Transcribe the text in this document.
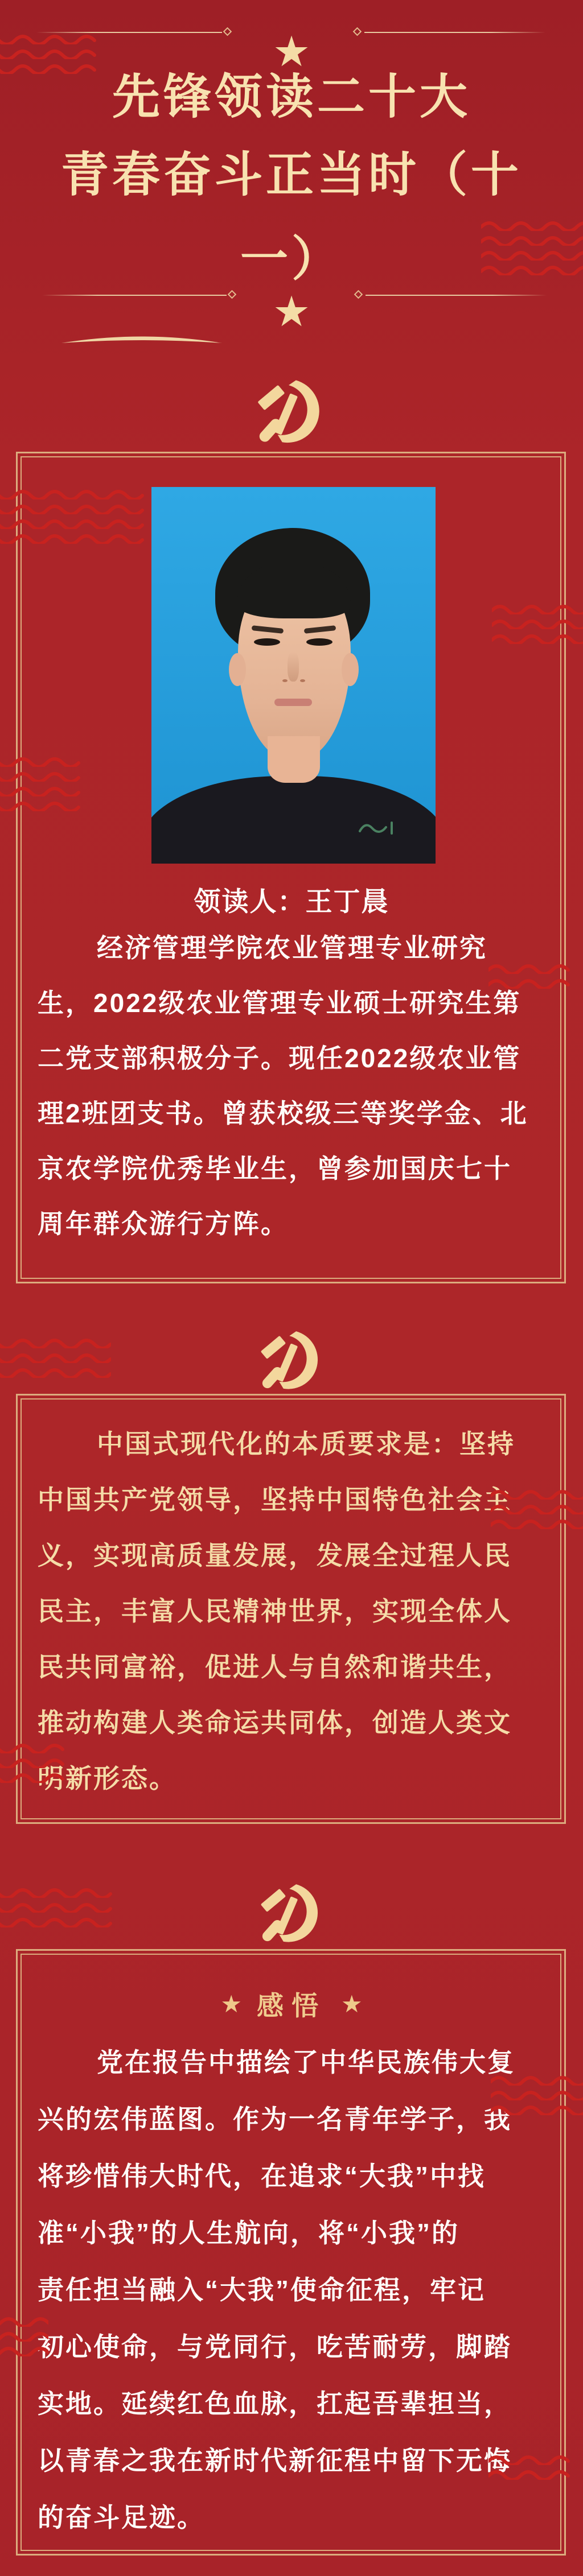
★
先锋领读二十大
青春奋斗正当时（十
一）
★
领读人：王丁晨
经济管理学院农业管理专业研究
生，2022级农业管理专业硕士研究生第
二党支部积极分子。现任2022级农业管
理2班团支书。曾获校级三等奖学金、北
京农学院优秀毕业生，曾参加国庆七十
周年群众游行方阵。
中国式现代化的本质要求是：坚持
中国共产党领导，坚持中国特色社会主
义，实现高质量发展，发展全过程人民
民主，丰富人民精神世界，实现全体人
民共同富裕，促进人与自然和谐共生，
推动构建人类命运共同体，创造人类文
明新形态。
★ 感悟 ★
党在报告中描绘了中华民族伟大复
兴的宏伟蓝图。作为一名青年学子，我
将珍惜伟大时代，在追求“大我”中找
准“小我”的人生航向，将“小我”的
责任担当融入“大我”使命征程，牢记
初心使命，与党同行，吃苦耐劳，脚踏
实地。延续红色血脉，扛起吾辈担当，
以青春之我在新时代新征程中留下无悔
的奋斗足迹。
